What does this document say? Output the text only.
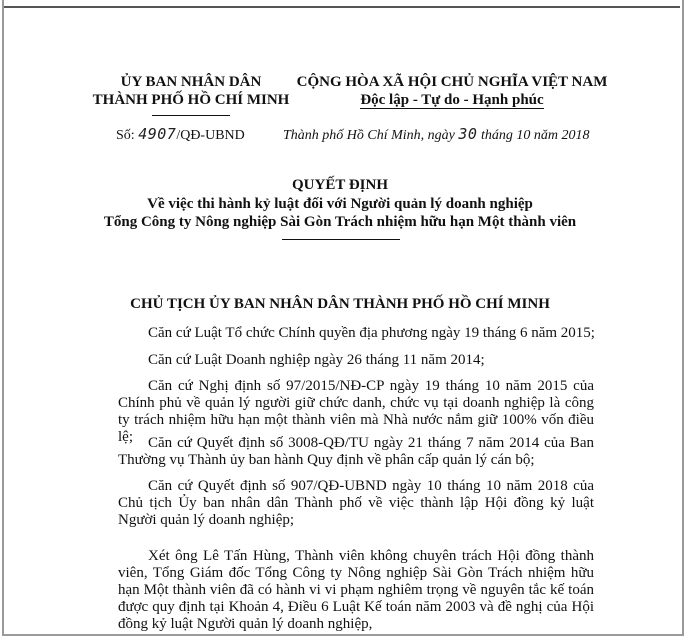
ỦY BAN NHÂN DÂN
THÀNH PHỐ HỒ CHÍ MINH
CỘNG HÒA XÃ HỘI CHỦ NGHĨA VIỆT NAM
Độc lập - Tự do - Hạnh phúc
Số: 4907/QĐ-UBND	Thành phố Hồ Chí Minh, ngày 30 tháng 10 năm 2018
QUYẾT ĐỊNH
Về việc thi hành kỷ luật đối với Người quản lý doanh nghiệp
Tổng Công ty Nông nghiệp Sài Gòn Trách nhiệm hữu hạn Một thành viên
CHỦ TỊCH ỦY BAN NHÂN DÂN THÀNH PHỐ HỒ CHÍ MINH
Căn cứ Luật Tổ chức Chính quyền địa phương ngày 19 tháng 6 năm 2015;
Căn cứ Luật Doanh nghiệp ngày 26 tháng 11 năm 2014;
Căn cứ Nghị định số 97/2015/NĐ-CP ngày 19 tháng 10 năm 2015 của Chính phủ về quản lý người giữ chức danh, chức vụ tại doanh nghiệp là công ty trách nhiệm hữu hạn một thành viên mà Nhà nước nắm giữ 100% vốn điều lệ;	Căn cứ Quyết định số 3008-QĐ/TU ngày 21 tháng 7 năm 2014 của Ban Thường vụ Thành ủy ban hành Quy định về phân cấp quản lý cán bộ;
Căn cứ Quyết định số 907/QĐ-UBND ngày 10 tháng 10 năm 2018 của Chủ tịch Ủy ban nhân dân Thành phố về việc thành lập Hội đồng kỷ luật Người quản lý doanh nghiệp;
Xét ông Lê Tấn Hùng, Thành viên không chuyên trách Hội đồng thành viên, Tổng Giám đốc Tổng Công ty Nông nghiệp Sài Gòn Trách nhiệm hữu hạn Một thành viên đã có hành vi vi phạm nghiêm trọng về nguyên tắc kế toán được quy định tại Khoản 4, Điều 6 Luật Kế toán năm 2003 và đề nghị của Hội đồng kỷ luật Người quản lý doanh nghiệp,
